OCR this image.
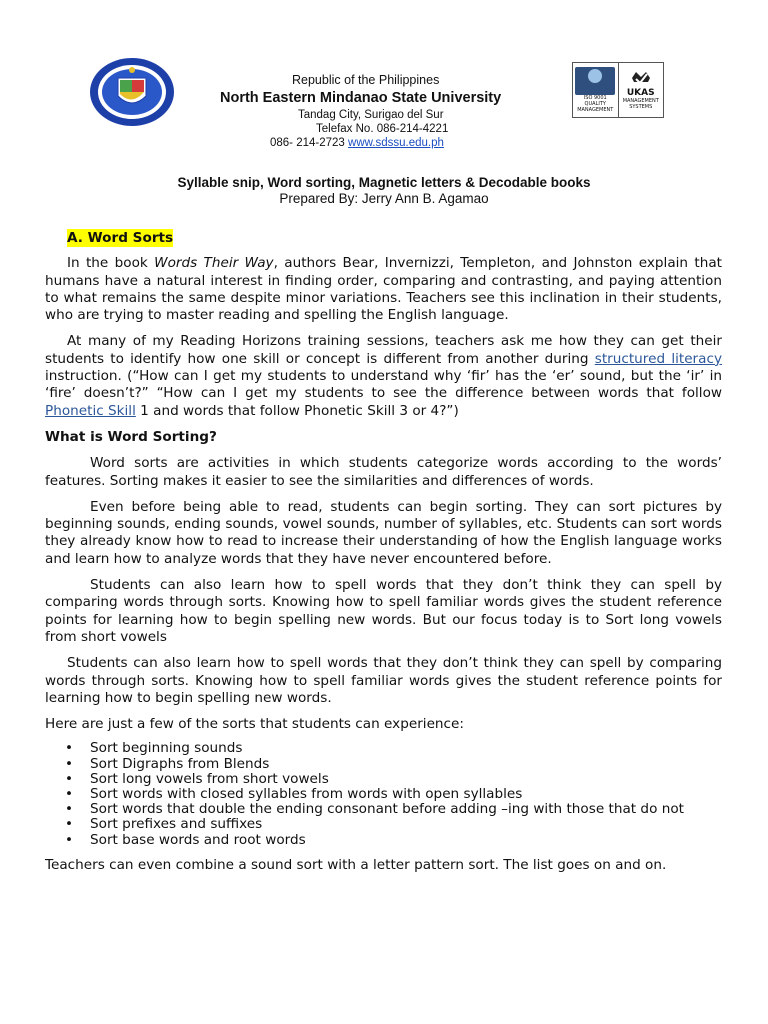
Republic of the Philippines
North Eastern Mindanao State University
Tandag City, Surigao del Sur
Telefax No. 086-214-4221
086- 214-2723 www.sdssu.edu.ph
ISO 9001
QUALITY MANAGEMENT
UKAS
MANAGEMENT SYSTEMS
Syllable snip, Word sorting, Magnetic letters & Decodable books
Prepared By: Jerry Ann B. Agamao
A. Word Sorts

In the book Words Their Way, authors Bear, Invernizzi, Templeton, and Johnston explain that humans have a natural interest in finding order, comparing and contrasting, and paying attention to what remains the same despite minor variations. Teachers see this inclination in their students, who are trying to master reading and spelling the English language.

At many of my Reading Horizons training sessions, teachers ask me how they can get their students to identify how one skill or concept is different from another during structured literacy instruction. (“How can I get my students to understand why ‘fir’ has the ‘er’ sound, but the ‘ir’ in ‘fire’ doesn’t?” “How can I get my students to see the difference between words that follow Phonetic Skill 1 and words that follow Phonetic Skill 3 or 4?”)

What is Word Sorting?

Word sorts are activities in which students categorize words according to the words’ features. Sorting makes it easier to see the similarities and differences of words.

Even before being able to read, students can begin sorting. They can sort pictures by beginning sounds, ending sounds, vowel sounds, number of syllables, etc. Students can sort words they already know how to read to increase their understanding of how the English language works and learn how to analyze words that they have never encountered before.

Students can also learn how to spell words that they don’t think they can spell by comparing words through sorts. Knowing how to spell familiar words gives the student reference points for learning how to begin spelling new words. But our focus today is to Sort long vowels from short vowels

Students can also learn how to spell words that they don’t think they can spell by comparing words through sorts. Knowing how to spell familiar words gives the student reference points for learning how to begin spelling new words.

Here are just a few of the sorts that students can experience:

• Sort beginning sounds
• Sort Digraphs from Blends
• Sort long vowels from short vowels
• Sort words with closed syllables from words with open syllables
• Sort words that double the ending consonant before adding –ing with those that do not
• Sort prefixes and suffixes
• Sort base words and root words

Teachers can even combine a sound sort with a letter pattern sort. The list goes on and on.
